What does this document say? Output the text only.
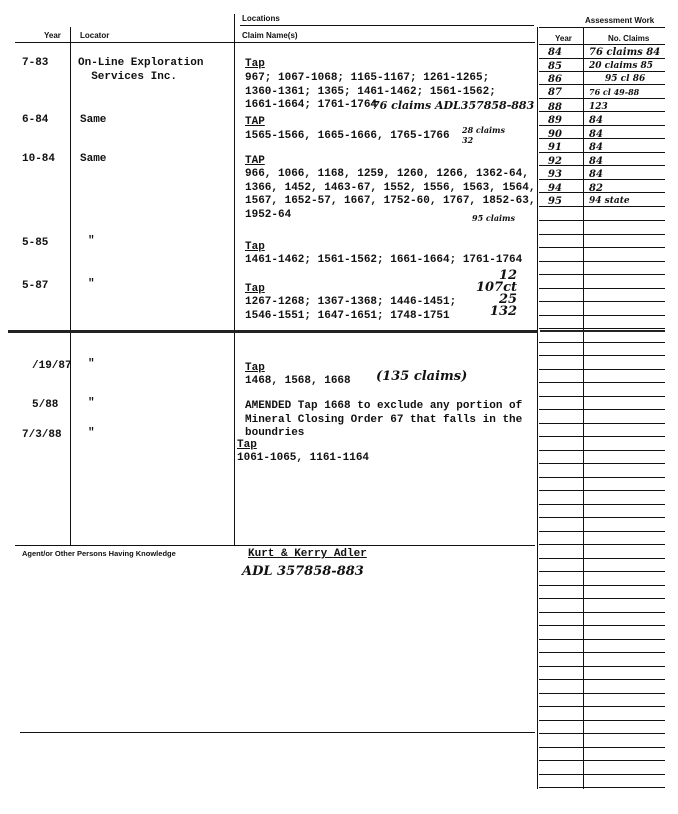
Locations	Assessment Work
Year Locator	Claim Name(s)	Year	No. Claims
7-83	On-Line Exploration
Services Inc.
Tap
967; 1067-1068; 1165-1167; 1261-1265;
1360-1361; 1365; 1461-1462; 1561-1562;
1661-1664; 1761-1764
76 claims ADL357858-883
6-84	Same	TAP
1565-1566, 1665-1666, 1765-1766 28 claims
32
10-84 Same	TAP
966, 1066, 1168, 1259, 1260, 1266, 1362-64,
1366, 1452, 1463-67, 1552, 1556, 1563, 1564,
1567, 1652-57, 1667, 1752-60, 1767, 1852-63,
1952-64	95 claims
5-85	"	Tap
1461-1462; 1561-1562; 1661-1664; 1761-1764
5-87	"	Tap
1267-1268; 1367-1368; 1446-1451;
1546-1551; 1647-1651; 1748-1751
12
107ct
25
132
/19/87 "	Tap
1468, 1568, 1668 (135 claims)
5/88	"	AMENDED Tap 1668 to exclude any portion of
Mineral Closing Order 67 that falls in the
boundries
7/3/88 "
Tap
1061-1065, 1161-1164
Agent/or Other Persons Having Knowledge	Kurt & Kerry Adler
ADL 357858-883
84	76 claims 84
85	20 claims 85
86	95 cl 86
87	76 cl 49-88
88	123
89	84
90	84
91	84
92	84
93	84
94	82
95	94 state
